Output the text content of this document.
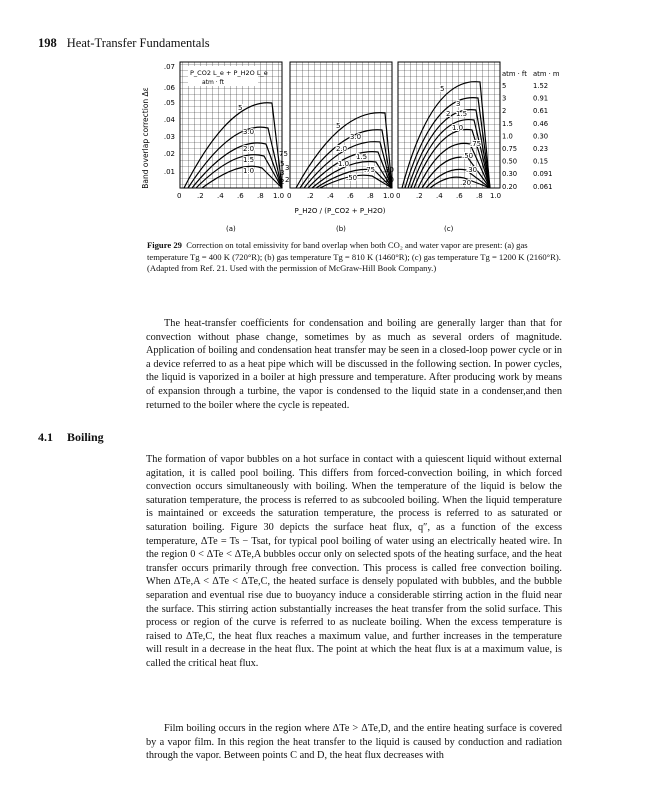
198 Heat-Transfer Fundamentals
Band overlap correction Δε
.07
.06
.05
.04
.03
.02
.01
P_CO2 L_e + P_H2O L_e
atm · ft
5
3.0
2.0
1.5
1.0
5
3
2
0 .2 .4 .6 .8 1.0
(a)
5
3.0
2.0
1.5
1.0
.75
.50
75
3
2
0 .2 .4 .6 .8 1.0
P_H2O / (P_CO2 + P_H2O)
(b)
5
3
2 1.5
1.0
.75
.50
.30
.20
.30
.20
0 .2 .4 .6 .8 1.0
(c)
atm · ft atm · m
5	1.52
3	0.91
2	0.61
1.5	0.46
1.0	0.30
0.75 0.23
0.50 0.15
0.30 0.091
0.20 0.061
Figure 29 Correction on total emissivity for band overlap when both CO₂ and water vapor are present: (a) gas temperature Tg = 400 K (720°R); (b) gas temperature Tg = 810 K (1460°R); (c) gas temperature Tg = 1200 K (2160°R). (Adapted from Ref. 21. Used with the permission of McGraw-Hill Book Company.)

The heat-transfer coefficients for condensation and boiling are generally larger than that for convection without phase change, sometimes by as much as several orders of magnitude. Application of boiling and condensation heat transfer may be seen in a closed-loop power cycle or in a device referred to as a heat pipe which will be discussed in the following section. In power cycles, the liquid is vaporized in a boiler at high pressure and temperature. After producing work by means of expansion through a turbine, the vapor is condensed to the liquid state in a condenser,and then returned to the boiler where the cycle is repeated.

4.1 Boiling

The formation of vapor bubbles on a hot surface in contact with a quiescent liquid without external agitation, it is called pool boiling. This differs from forced-convection boiling, in which forced convection occurs simultaneously with boiling. When the temperature of the liquid is below the saturation temperature, the process is referred to as subcooled boiling. When the liquid temperature is maintained or exceeds the saturation temperature, the process is referred to as saturated or saturation boiling. Figure 30 depicts the surface heat flux, q″, as a function of the excess temperature, ΔTe = Ts − Tsat, for typical pool boiling of water using an electrically heated wire. In the region 0 < ΔTe < ΔTe,A bubbles occur only on selected spots of the heating surface, and the heat transfer occurs primarily through free convection. This process is called free convection boiling. When ΔTe,A < ΔTe < ΔTe,C, the heated surface is densely populated with bubbles, and the bubble separation and eventual rise due to buoyancy induce a considerable stirring action in the fluid near the surface. This stirring action substantially increases the heat transfer from the solid surface. This process or region of the curve is referred to as nucleate boiling. When the excess temperature is raised to ΔTe,C, the heat flux reaches a maximum value, and further increases in the temperature will result in a decrease in the heat flux. The point at which the heat flux is at a maximum value, is called the critical heat flux.

Film boiling occurs in the region where ΔTe > ΔTe,D, and the entire heating surface is covered by a vapor film. In this region the heat transfer to the liquid is caused by conduction and radiation through the vapor. Between points C and D, the heat flux decreases with
